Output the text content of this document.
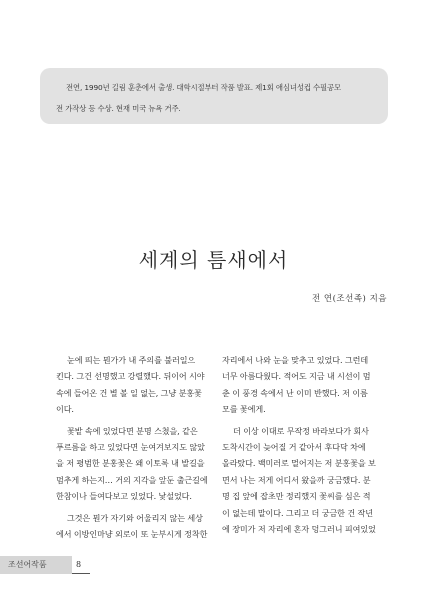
전연, 1990년 길림 훈춘에서 출생. 대학시절부터 작품 발표. 제1회 애심녀성컵 수필공모
전 가작상 등 수상. 현재 미국 뉴욕 거주.
세계의 틈새에서
전 연(조선족) 지음
눈에 띄는 뭔가가 내 주의를 불러일으
킨다. 그건 선명했고 강렬했다. 뒤이어 시야
속에 들어온 건 별 볼 일 없는, 그냥 분홍꽃
이다.
꽃밭 속에 있었다면 분명 스쳤을, 같은
푸르름을 하고 있었다면 눈여겨보지도 않았
을 저 평범한 분홍꽃은 왜 이토록 내 발길을
멈추게 하는지… 거의 지각을 앞둔 출근길에
한참이나 들여다보고 있었다. 낯설었다.
그것은 뭔가 자기와 어울리지 않는 세상
에서 이방인마냥 외로이 또 눈부시게 정착한
자리에서 나와 눈을 맞추고 있었다. 그런데
너무 아름다웠다. 적어도 지금 내 시선이 멈
춘 이 풍경 속에서 난 이미 반했다. 저 이름
모를 꽃에게.
더 이상 이대로 무작정 바라보다가 회사
도착시간이 늦어질 거 같아서 후다닥 차에
올라탔다. 백미러로 멀어지는 저 분홍꽃을 보
면서 나는 저게 어디서 왔을까 궁금했다. 분
명 집 앞에 잡초만 정리했지 꽃씨를 심은 적
이 없는데 말이다. 그리고 더 궁금한 건 작년
에 장미가 저 자리에 혼자 덩그러니 피여있었
조선어작품	8
